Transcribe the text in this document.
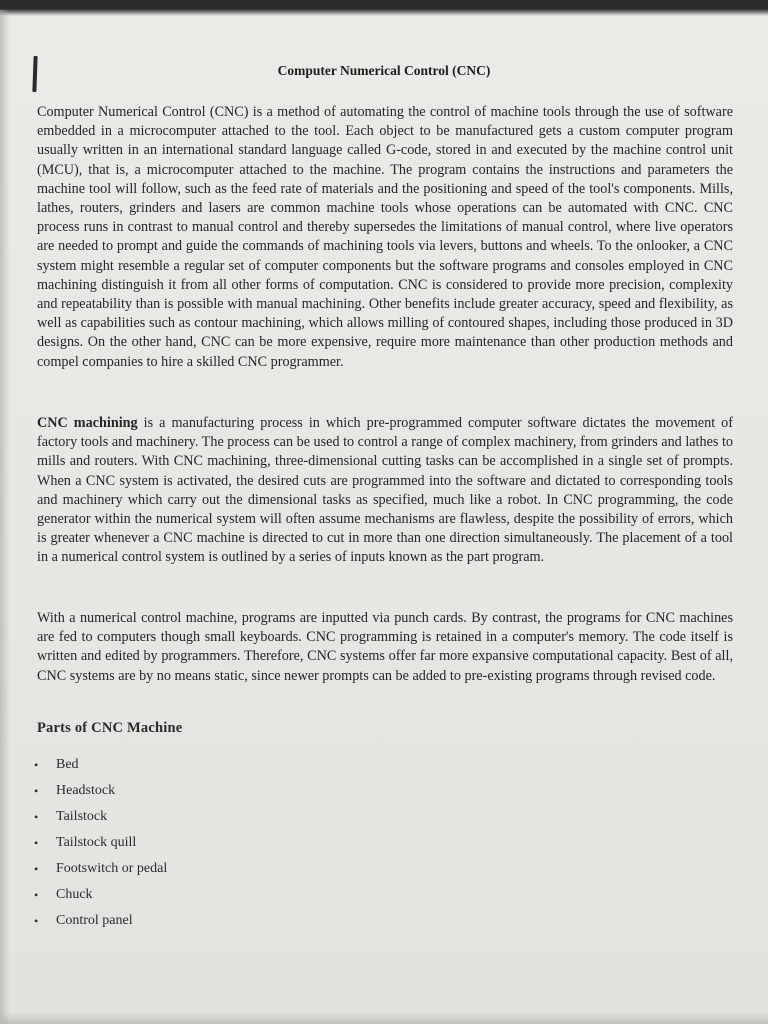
Computer Numerical Control (CNC)

Computer Numerical Control (CNC) is a method of automating the control of machine tools through the use of software embedded in a microcomputer attached to the tool. Each object to be manufactured gets a custom computer program usually written in an international standard language called G-code, stored in and executed by the machine control unit (MCU), that is, a microcomputer attached to the machine. The program contains the instructions and parameters the machine tool will follow, such as the feed rate of materials and the positioning and speed of the tool's components. Mills, lathes, routers, grinders and lasers are common machine tools whose operations can be automated with CNC. CNC process runs in contrast to manual control and thereby supersedes the limitations of manual control, where live operators are needed to prompt and guide the commands of machining tools via levers, buttons and wheels. To the onlooker, a CNC system might resemble a regular set of computer components but the software programs and consoles employed in CNC machining distinguish it from all other forms of computation. CNC is considered to provide more precision, complexity and repeatability than is possible with manual machining. Other benefits include greater accuracy, speed and flexibility, as well as capabilities such as contour machining, which allows milling of contoured shapes, including those produced in 3D designs. On the other hand, CNC can be more expensive, require more maintenance than other production methods and compel companies to hire a skilled CNC programmer.

CNC machining is a manufacturing process in which pre-programmed computer software dictates the movement of factory tools and machinery. The process can be used to control a range of complex machinery, from grinders and lathes to mills and routers. With CNC machining, three-dimensional cutting tasks can be accomplished in a single set of prompts. When a CNC system is activated, the desired cuts are programmed into the software and dictated to corresponding tools and machinery which carry out the dimensional tasks as specified, much like a robot. In CNC programming, the code generator within the numerical system will often assume mechanisms are flawless, despite the possibility of errors, which is greater whenever a CNC machine is directed to cut in more than one direction simultaneously. The placement of a tool in a numerical control system is outlined by a series of inputs known as the part program.

With a numerical control machine, programs are inputted via punch cards. By contrast, the programs for CNC machines are fed to computers though small keyboards. CNC programming is retained in a computer's memory. The code itself is written and edited by programmers. Therefore, CNC systems offer far more expansive computational capacity. Best of all, CNC systems are by no means static, since newer prompts can be added to pre-existing programs through revised code.

Parts of CNC Machine
• Bed
• Headstock
• Tailstock
• Tailstock quill
• Footswitch or pedal
• Chuck
• Control panel
